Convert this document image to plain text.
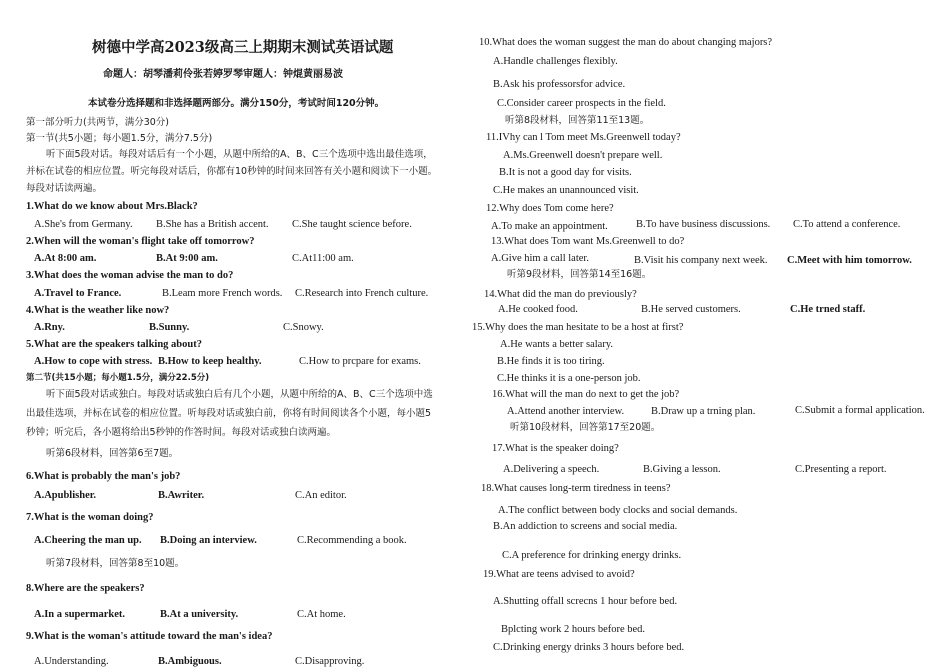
树德中学高2023级高三上期期末测试英语试题
命题人：胡琴潘莉伶张若婷罗琴审题人：钟焜黄丽易波
本试卷分选择题和非选择题两部分。满分150分，考试时间120分钟。
第一部分听力(共两节，满分30分)
第一节(共5小题；每小题1.5分，满分7.5分)
听下面5段对话。每段对话后有一个小题，从题中所给的A、B、C三个选项中选出最佳选项，
并标在试卷的相应位置。听完每段对话后，你都有10秒钟的时间来回答有关小题和阅读下一小题。
每段对话读两遍。
1.What do we know about Mrs.Black?
A.She's from Germany. B.She has a British accent. C.She taught science before.
2.When will the woman's flight take off tomorrow?
A.At 8:00 am.	B.At 9:00 am.	C.At11:00 am.
3.What does the woman advise the man to do?
A.Travel to France.	B.Leam more French words. C.Research into French culture.
4.What is the weather like now?
A.Rny.	B.Sunny.	C.Snowy.
5.What are the speakers talking about?
A.How to cope with stress. B.How to keep healthy.	C.How to prcpare for exams.
第二节(共15小题；每小题1.5分，满分22.5分)
听下面5段对话或独白。每段对话或独白后有几个小题，从题中所给的A、B、C三个选项中选
出最佳选项，并标在试卷的相应位置。听每段对话或独白前，你将有时间阅读各个小题，每小题5
秒钟；听完后，各小题将给出5秒钟的作答时间。每段对话或独白读两遍。
听第6段材料，回答第6至7题。
6.What is probably the man's job?
A.Apublisher.	B.Awriter.	C.An editor.
7.What is the woman doing?
A.Cheering the man up. B.Doing an interview.	C.Recommending a book.
听第7段材料，回答第8至10题。
8.Where are the speakers?
A.In a supermarket.	B.At a university.	C.At home.
9.What is the woman's attitude toward the man's idea?
A.Understanding.	B.Ambiguous.	C.Disapproving.
10.What does the woman suggest the man do about changing majors?
A.Handle challenges flexibly.
B.Ask his professorsfor advice.
C.Consider career prospects in the field.
听第8段材料，回答第11至13题。
11.IVhy can l Tom meet Ms.Greenwell today?
A.Ms.Greenwell doesn't prepare well.
B.It is not a good day for visits.
C.He makes an unannounced visit.
12.Why does Tom come here?
A.To make an appointment.	B.To have business discussions. C.To attend a conference.
13.What does Tom want Ms.Greenwell to do?
A.Give him a call later.	B.Visit his company next week. C.Meet with him tomorrow.
听第9段材料，回答第14至16题。
14.What did the man do previously?
A.He cooked food.	B.He served customers.	C.He trned staff.
15.Why does the man hesitate to be a host at first?
A.He wants a better salary.
B.He finds it is too tiring.
C.He thinks it is a one-person job.
16.What will the man do next to get the job?
A.Attend another interview.	B.Draw up a trning plan.	C.Submit a formal application.
听第10段材料，回答第17至20题。
17.What is the speaker doing?
A.Delivering a speech.	B.Giving a lesson.	C.Presenting a report.
18.What causes long-term tiredness in teens?
A.The conflict between body clocks and social demands.
B.An addiction to screens and social media.
C.A preference for drinking energy drinks.
19.What are teens advised to avoid?
A.Shutting offall screcns 1 hour before bed.
Bplcting work 2 hours before bed.
C.Drinking energy drinks 3 hours before bed.
